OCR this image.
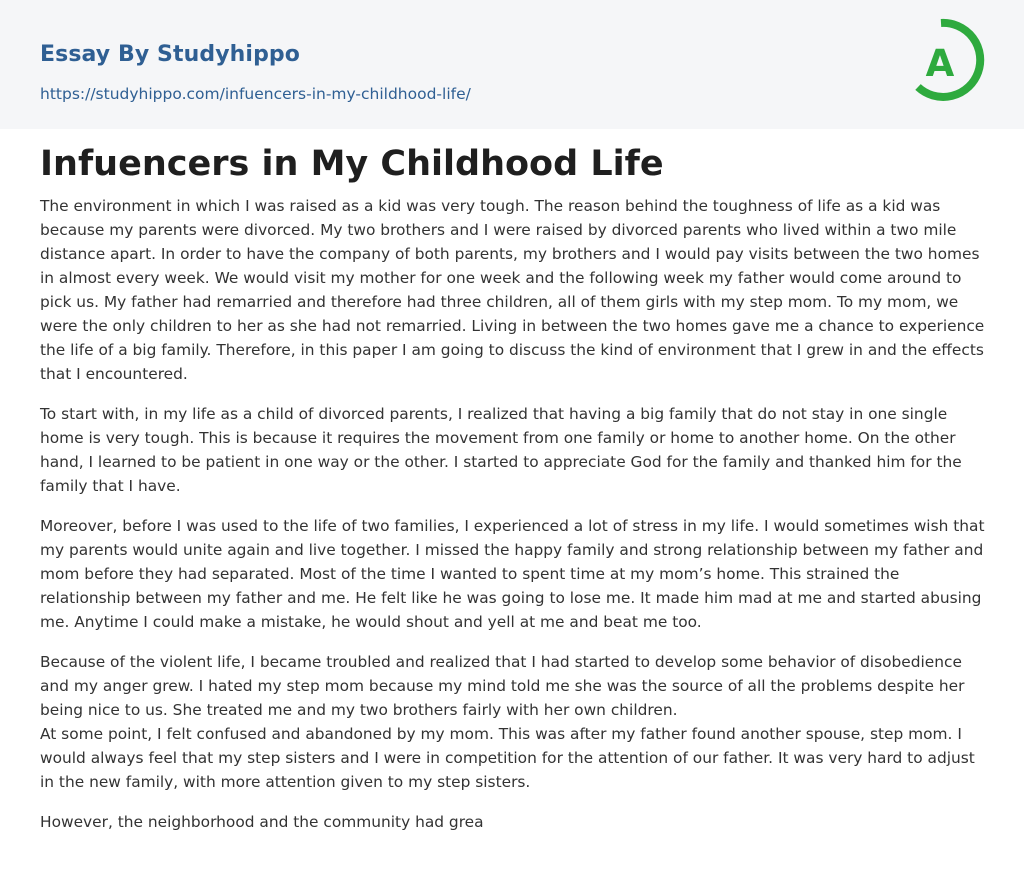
Essay By Studyhippo
https://studyhippo.com/infuencers-in-my-childhood-life/
A
Infuencers in My Childhood Life

The environment in which I was raised as a kid was very tough. The reason behind the toughness of life as a kid was because my parents were divorced. My two brothers and I were raised by divorced parents who lived within a two mile distance apart. In order to have the company of both parents, my brothers and I would pay visits between the two homes in almost every week. We would visit my mother for one week and the following week my father would come around to pick us. My father had remarried and therefore had three children, all of them girls with my step mom. To my mom, we were the only children to her as she had not remarried. Living in between the two homes gave me a chance to experience the life of a big family. Therefore, in this paper I am going to discuss the kind of environment that I grew in and the effects that I encountered.

To start with, in my life as a child of divorced parents, I realized that having a big family that do not stay in one single home is very tough. This is because it requires the movement from one family or home to another home. On the other hand, I learned to be patient in one way or the other. I started to appreciate God for the family and thanked him for the family that I have.

Moreover, before I was used to the life of two families, I experienced a lot of stress in my life. I would sometimes wish that my parents would unite again and live together. I missed the happy family and strong relationship between my father and mom before they had separated. Most of the time I wanted to spent time at my mom’s home. This strained the relationship between my father and me. He felt like he was going to lose me. It made him mad at me and started abusing me. Anytime I could make a mistake, he would shout and yell at me and beat me too.

Because of the violent life, I became troubled and realized that I had started to develop some behavior of disobedience and my anger grew. I hated my step mom because my mind told me she was the source of all the problems despite her being nice to us. She treated me and my two brothers fairly with her own children.

At some point, I felt confused and abandoned by my mom. This was after my father found another spouse, step mom. I would always feel that my step sisters and I were in competition for the attention of our father. It was very hard to adjust in the new family, with more attention given to my step sisters.

However, the neighborhood and the community had grea
